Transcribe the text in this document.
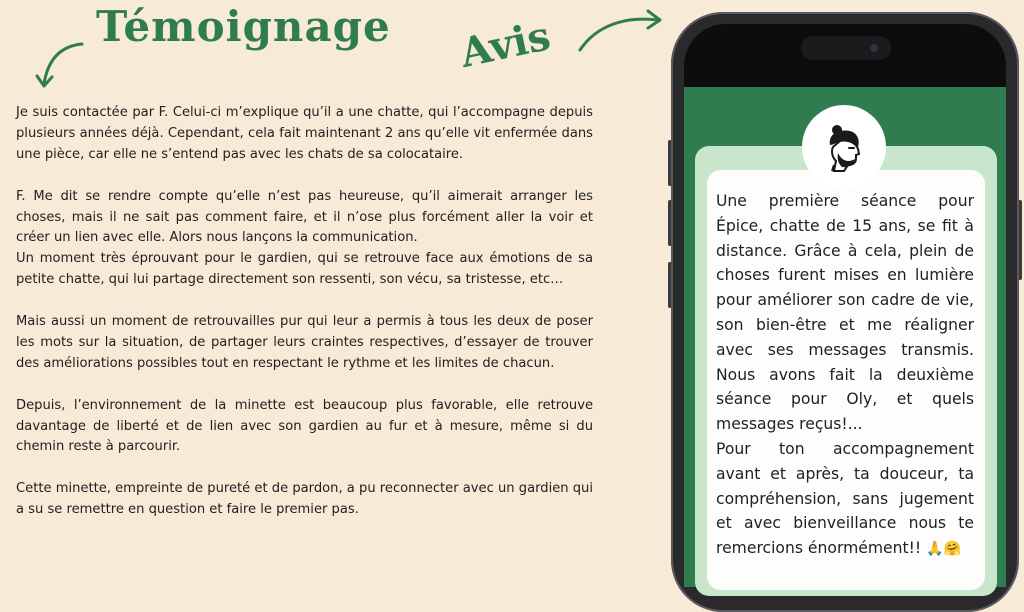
Témoignage Avis

Je suis contactée par F. Celui-ci m’explique qu’il a une chatte, qui l’accompagne depuis plusieurs années déjà. Cependant, cela fait maintenant 2 ans qu’elle vit enfermée dans une pièce, car elle ne s’entend pas avec les chats de sa colocataire.

F. Me dit se rendre compte qu’elle n’est pas heureuse, qu’il aimerait arranger les choses, mais il ne sait pas comment faire, et il n’ose plus forcément aller la voir et créer un lien avec elle. Alors nous lançons la communication.

Un moment très éprouvant pour le gardien, qui se retrouve face aux émotions de sa petite chatte, qui lui partage directement son ressenti, son vécu, sa tristesse, etc…

Mais aussi un moment de retrouvailles pur qui leur a permis à tous les deux de poser les mots sur la situation, de partager leurs craintes respectives, d’essayer de trouver des améliorations possibles tout en respectant le rythme et les limites de chacun.

Depuis, l’environnement de la minette est beaucoup plus favorable, elle retrouve davantage de liberté et de lien avec son gardien au fur et à mesure, même si du chemin reste à parcourir.

Cette minette, empreinte de pureté et de pardon, a pu reconnecter avec un gardien qui a su se remettre en question et faire le premier pas.

Une première séance pour Épice, chatte de 15 ans, se fit à distance. Grâce à cela, plein de choses furent mises en lumière pour améliorer son cadre de vie, son bien-être et me réaligner avec ses messages transmis. Nous avons fait la deuxième séance pour Oly, et quels messages reçus!...

Pour ton accompagnement avant et après, ta douceur, ta compréhension, sans jugement et avec bienveillance nous te remercions énormément!! 🙏🤗
